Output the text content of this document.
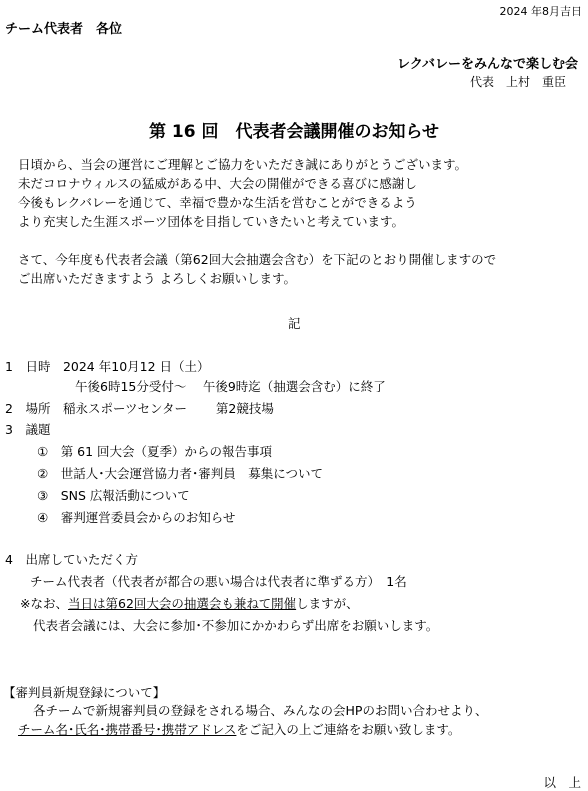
2024 年8月吉日
チーム代表者　各位
レクバレーをみんなで楽しむ会
代表　上村　重臣
第 16 回　代表者会議開催のお知らせ
日頃から、当会の運営にご理解とご協力をいただき誠にありがとうございます。
未だコロナウィルスの猛威がある中、大会の開催ができる喜びに感謝し
今後もレクバレーを通じて、幸福で豊かな生活を営むことができるよう
より充実した生涯スポーツ団体を目指していきたいと考えています。
さて、今年度も代表者会議（第62回大会抽選会含む）を下記のとおり開催しますので
ご出席いただきますよう よろしくお願いします。
記
1　日時　2024 年10月12 日（土）
午後6時15分受付～　 午後9時迄（抽選会含む）に終了
2　場所　稲永スポーツセンター　　 第2競技場
3　議題
①　第 61 回大会（夏季）からの報告事項
②　世話人･大会運営協力者･審判員　募集について
③　SNS 広報活動について
④　審判運営委員会からのお知らせ
4　出席していただく方
チーム代表者（代表者が都合の悪い場合は代表者に準ずる方）　1名
※なお、当日は第62回大会の抽選会も兼ねて開催しますが、
代表者会議には、大会に参加･不参加にかかわらず出席をお願いします。
【審判員新規登録について】
各チームで新規審判員の登録をされる場合、みんなの会HPのお問い合わせより、
チーム名･氏名･携帯番号･携帯アドレスをご記入の上ご連絡をお願い致します。
以　上
